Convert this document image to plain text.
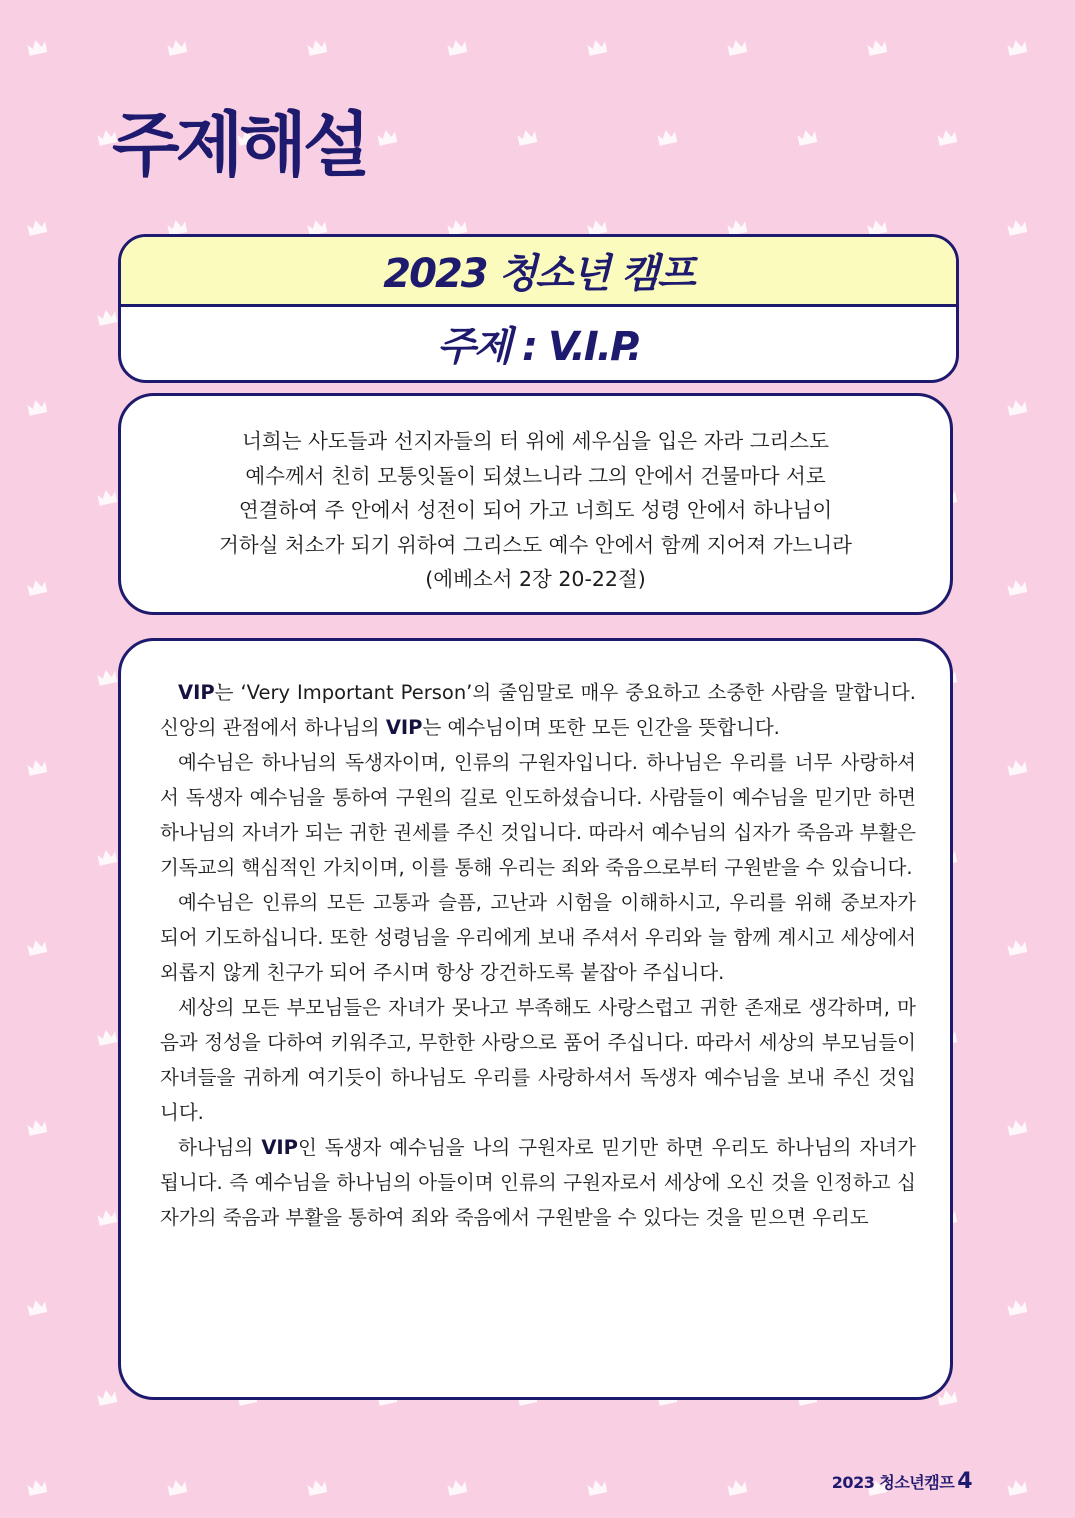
주제해설
2023 청소년 캠프
주제 : V.I.P.
너희는 사도들과 선지자들의 터 위에 세우심을 입은 자라 그리스도
예수께서 친히 모퉁잇돌이 되셨느니라 그의 안에서 건물마다 서로
연결하여 주 안에서 성전이 되어 가고 너희도 성령 안에서 하나님이
거하실 처소가 되기 위하여 그리스도 예수 안에서 함께 지어져 가느니라
(에베소서 2장 20-22절)

VIP는 ‘Very Important Person’의 줄임말로 매우 중요하고 소중한 사람을 말합니다. 신앙의 관점에서 하나님의 VIP는 예수님이며 또한 모든 인간을 뜻합니다.

예수님은 하나님의 독생자이며, 인류의 구원자입니다. 하나님은 우리를 너무 사랑하셔서 독생자 예수님을 통하여 구원의 길로 인도하셨습니다. 사람들이 예수님을 믿기만 하면 하나님의 자녀가 되는 귀한 권세를 주신 것입니다. 따라서 예수님의 십자가 죽음과 부활은 기독교의 핵심적인 가치이며, 이를 통해 우리는 죄와 죽음으로부터 구원받을 수 있습니다.

예수님은 인류의 모든 고통과 슬픔, 고난과 시험을 이해하시고, 우리를 위해 중보자가 되어 기도하십니다. 또한 성령님을 우리에게 보내 주셔서 우리와 늘 함께 계시고 세상에서 외롭지 않게 친구가 되어 주시며 항상 강건하도록 붙잡아 주십니다.

세상의 모든 부모님들은 자녀가 못나고 부족해도 사랑스럽고 귀한 존재로 생각하며, 마음과 정성을 다하여 키워주고, 무한한 사랑으로 품어 주십니다. 따라서 세상의 부모님들이 자녀들을 귀하게 여기듯이 하나님도 우리를 사랑하셔서 독생자 예수님을 보내 주신 것입니다.

하나님의 VIP인 독생자 예수님을 나의 구원자로 믿기만 하면 우리도 하나님의 자녀가 됩니다. 즉 예수님을 하나님의 아들이며 인류의 구원자로서 세상에 오신 것을 인정하고 십자가의 죽음과 부활을 통하여 죄와 죽음에서 구원받을 수 있다는 것을 믿으면 우리도

2023 청소년캠프 4
